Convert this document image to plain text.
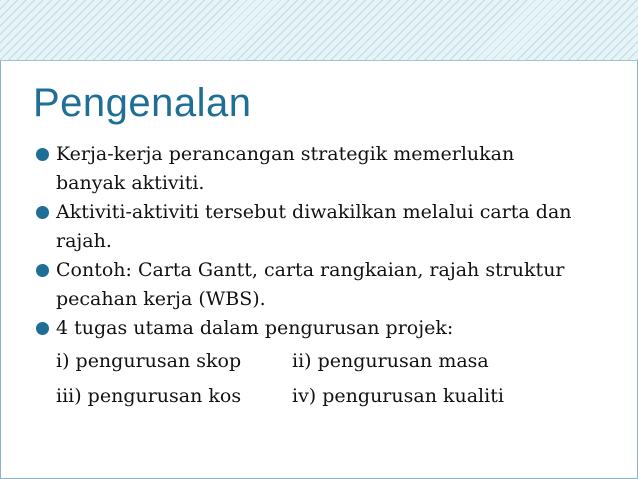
Pengenalan
Kerja-kerja perancangan strategik memerlukan
banyak aktiviti.
Aktiviti-aktiviti tersebut diwakilkan melalui carta dan
rajah.
Contoh: Carta Gantt, carta rangkaian, rajah struktur
pecahan kerja (WBS).
4 tugas utama dalam pengurusan projek:
i) pengurusan skop	ii) pengurusan masa
iii) pengurusan kos	iv) pengurusan kualiti
